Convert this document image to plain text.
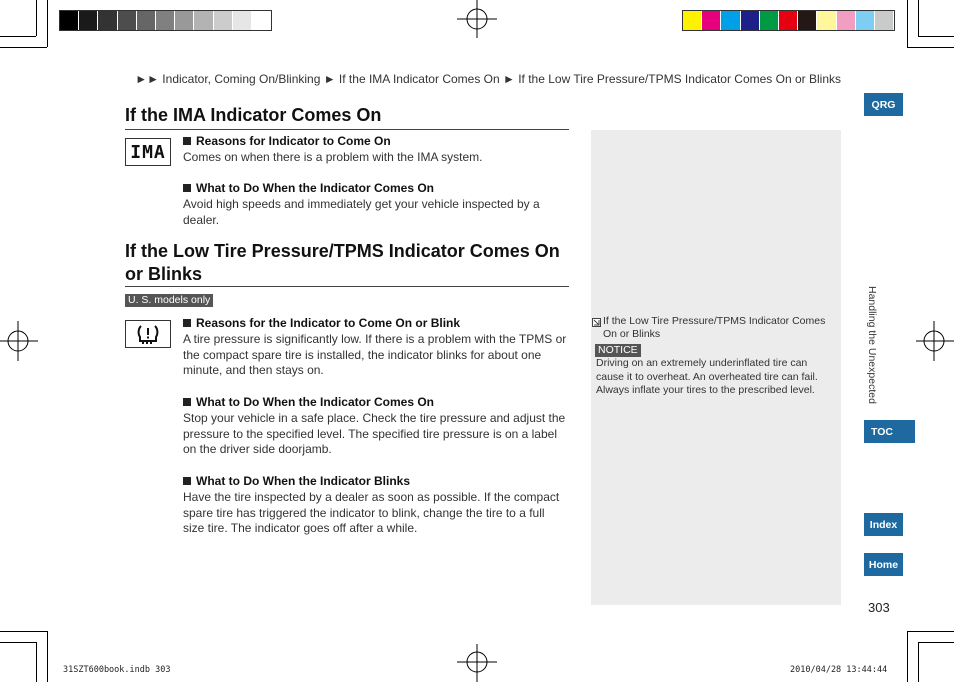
►► Indicator, Coming On/Blinking ► If the IMA Indicator Comes On ► If the Low Tire Pressure/TPMS Indicator Comes On or Blinks
If the IMA Indicator Comes On
IMA
Reasons for Indicator to Come On
Comes on when there is a problem with the IMA system.
What to Do When the Indicator Comes On
Avoid high speeds and immediately get your vehicle inspected by a dealer.
If the Low Tire Pressure/TPMS Indicator Comes On or Blinks
U. S. models only
Reasons for the Indicator to Come On or Blink
A tire pressure is significantly low. If there is a problem with the TPMS or the compact spare tire is installed, the indicator blinks for about one minute, and then stays on.
What to Do When the Indicator Comes On
Stop your vehicle in a safe place. Check the tire pressure and adjust the pressure to the specified level. The specified tire pressure is on a label on the driver side doorjamb.
What to Do When the Indicator Blinks
Have the tire inspected by a dealer as soon as possible. If the compact spare tire has triggered the indicator to blink, change the tire to a full size tire. The indicator goes off after a while.
If the Low Tire Pressure/TPMS Indicator Comes On or Blinks
NOTICE
Driving on an extremely underinflated tire can cause it to overheat. An overheated tire can fail. Always inflate your tires to the prescribed level.
QRG
Handling the Unexpected
TOC
Index
Home
303
31SZT600book.indb 303	2010/04/28 13:44:44
